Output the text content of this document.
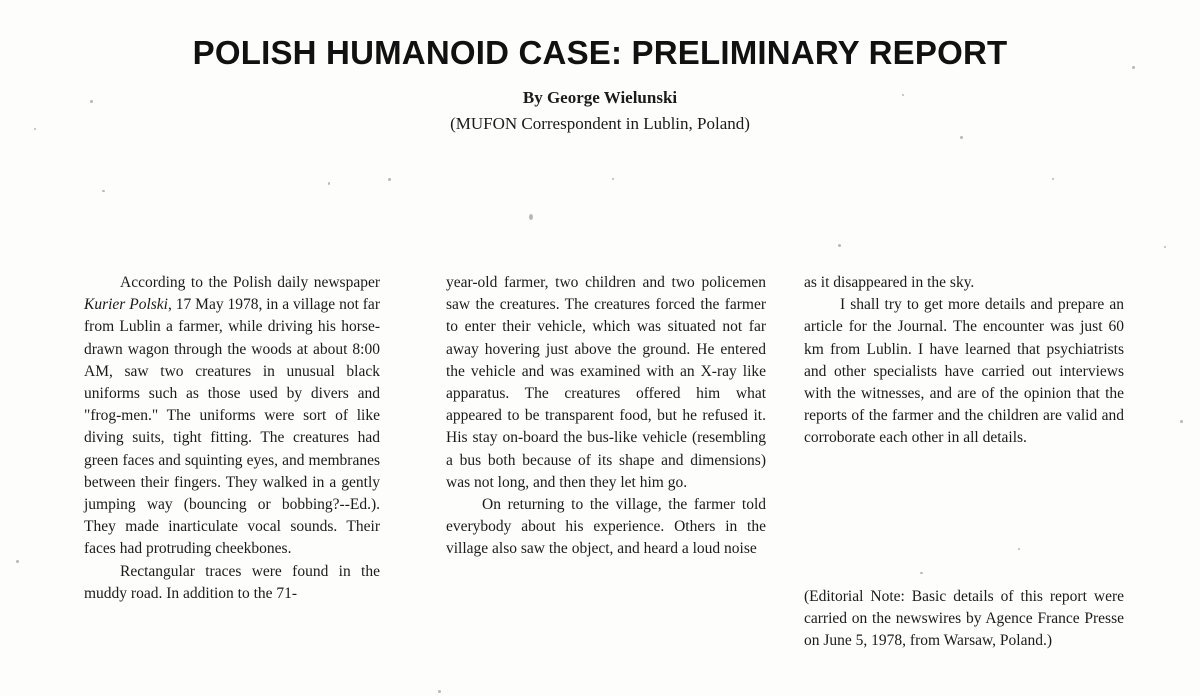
POLISH HUMANOID CASE: PRELIMINARY REPORT
By George Wielunski
(MUFON Correspondent in Lublin, Poland)

According to the Polish daily newspaper Kurier Polski, 17 May 1978, in a village not far from Lublin a farmer, while driving his horse-drawn wagon through the woods at about 8:00 AM, saw two creatures in unusual black uniforms such as those used by divers and "frog-men." The uniforms were sort of like diving suits, tight fitting. The creatures had green faces and squinting eyes, and membranes between their fingers. They walked in a gently jumping way (bouncing or bobbing?--Ed.). They made inarticulate vocal sounds. Their faces had protruding cheekbones.

Rectangular traces were found in the muddy road. In addition to the 71-

year-old farmer, two children and two policemen saw the creatures. The creatures forced the farmer to enter their vehicle, which was situated not far away hovering just above the ground. He entered the vehicle and was examined with an X-ray like apparatus. The creatures offered him what appeared to be transparent food, but he refused it. His stay on-board the bus-like vehicle (resembling a bus both because of its shape and dimensions) was not long, and then they let him go.

On returning to the village, the farmer told everybody about his experience. Others in the village also saw the object, and heard a loud noise

as it disappeared in the sky.

I shall try to get more details and prepare an article for the Journal. The encounter was just 60 km from Lublin. I have learned that psychiatrists and other specialists have carried out interviews with the witnesses, and are of the opinion that the reports of the farmer and the children are valid and corroborate each other in all details.

(Editorial Note: Basic details of this report were carried on the newswires by Agence France Presse on June 5, 1978, from Warsaw, Poland.)
